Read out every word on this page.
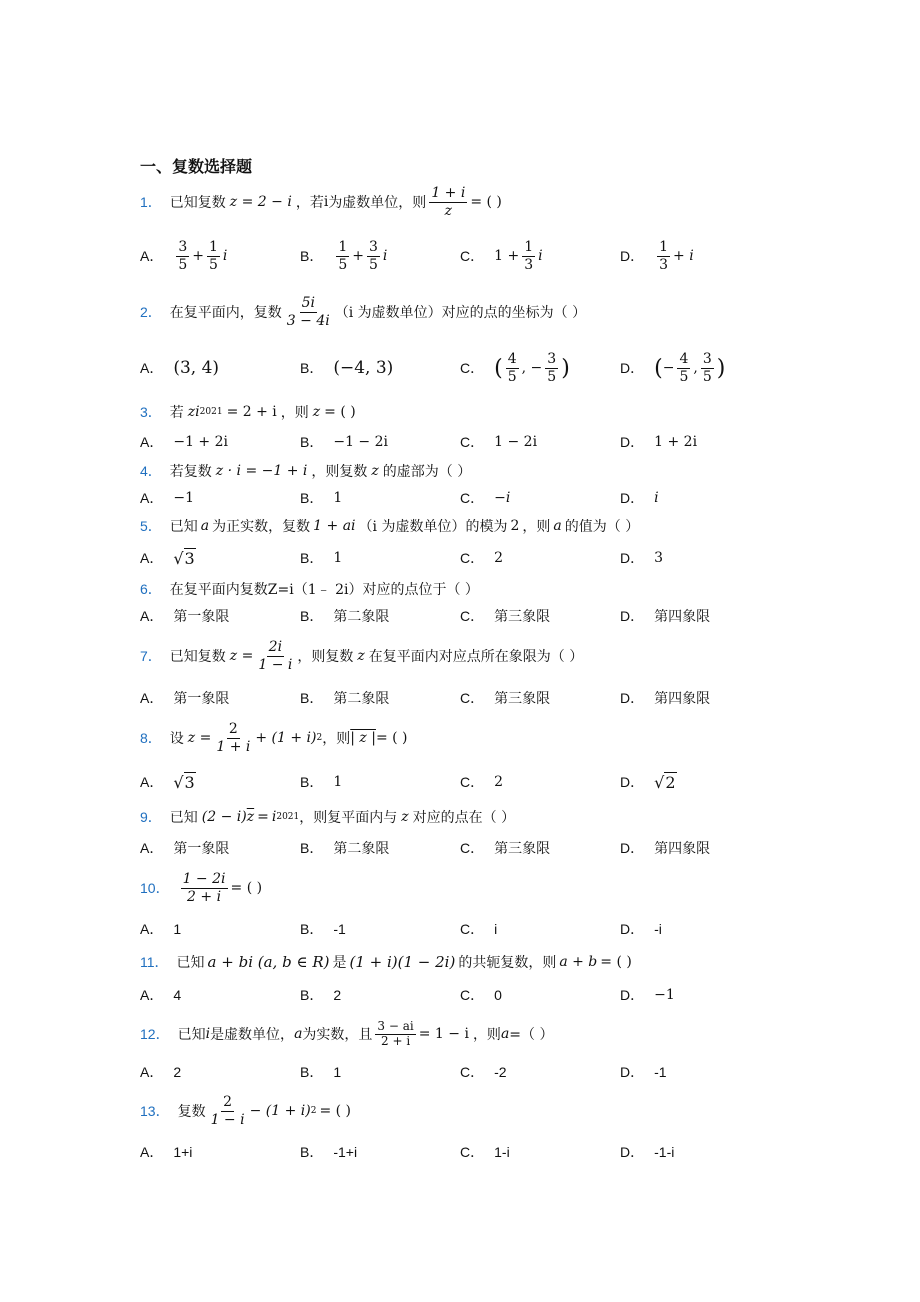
一、复数选择题
1． 已知复数 z = 2 − i ，若 i 为虚数单位，则 $\frac{1 + i}{z}$ = ( )
A． $\frac{3}{5} + \frac{1}{5}$ i	B． $\frac{1}{5} + \frac{3}{5}$ i	C． $1 + \frac{1}{3}$ i	D． $\frac{1}{3} + i$
2． 在复平面内，复数 $\frac{5i}{3 - 4i} (i$ 为虚数单位）对应的点的坐标为（ ）
A． (3, 4)	B． (−4, 3)	C． ( $\frac{4}{5}$ , − $\frac{3}{5}$ )	D． ( − $\frac{4}{5}$ , $\frac{3}{5}$ )
3． 若 zi 2021 = 2 + i ，则 z = ( )
A． −1 + 2i	B． −1 − 2i	C． 1 − 2i	D． 1 + 2i
4． 若复数 z · i = −1 + i ，则复数 z 的虚部为（ ）
A． −1	B． 1	C． −i	D． i
5． 已知 a 为正实数，复数 1 + ai （i 为虚数单位）的模为 2 ，则 a 的值为（ ）
A． √3	B． 1	C． 2	D． 3
6． 在复平面内复数Z=i（1﹣ 2i）对应的点位于（ ）
A． 第一象限	B． 第二象限	C． 第三象限	D． 第四象限
7． 已知复数 $z = \frac{2i}{1 - i}$ ，则复数 z 在复平面内对应点所在象限为（ ）
A． 第一象限	B． 第二象限	C． 第三象限	D． 第四象限
8． 设 $z = \frac{2}{1 + i} + (1 + i)$ 2 ，则 | z | = ( )
A． √3	B． 1	C． 2	D． √2
9． 已知 (2 − i) $\overline{z} = i$ 2021 ，则复平面内与 z 对应的点在（ ）
A． 第一象限	B． 第二象限	C． 第三象限	D． 第四象限
10． $\frac{1 - 2i}{2 + i}$ = ( )
A． 1	B． -1	C． i	D． -i
11． 已知 a + bi (a, b ∈ R) 是 (1 + i)(1 − 2i) 的共轭复数，则 a + b = ( )
A． 4	B． 2	C． 0	D． −1
12． 已知 i 是虚数单位， a 为实数，且 $\frac{3 - ai}{2 + i} = 1 - i$ ，则 a =（ ）
A． 2	B． 1	C． -2	D． -1
13． 复数 $\frac{2}{1 - i} - (1 + i) 2$ = ( )
A． 1+i	B． -1+i	C． 1-i	D． -1-i
